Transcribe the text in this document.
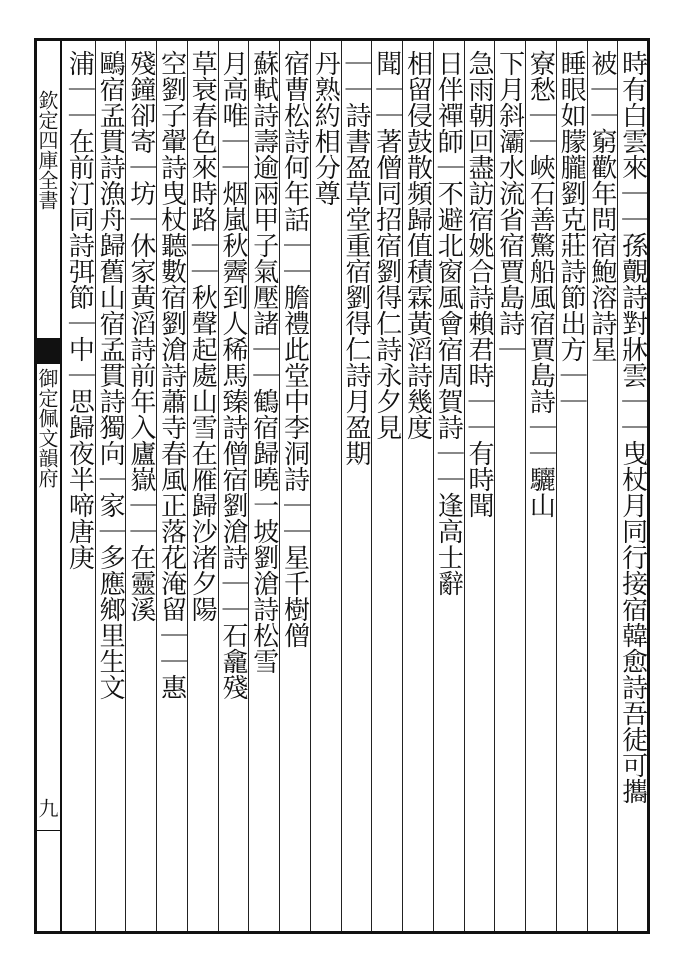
欽定四庫全書
御定佩文韻府
九
時有白雲來｜｜孫覿詩對牀雲｜｜曳杖月同行接宿韓愈詩吾徒可攜
被｜｜窮歡年問宿鮑溶詩星
睡眼如朦朧劉克莊詩節出方｜｜
寮愁｜｜峽石善驚船風宿賈島詩｜｜驪山
下月斜灞水流省宿賈島詩｜
急雨朝回盡訪宿姚合詩賴君時｜｜有時聞
日伴禪師｜不避北窗風會宿周賀詩｜｜逢高士辭
相留侵鼓散頻歸值積霖黃滔詩幾度
聞｜｜著僧同招宿劉得仁詩永夕見
｜｜詩書盈草堂重宿劉得仁詩月盈期
丹熟約相分尊
宿曹松詩何年話｜｜膽禮此堂中李洞詩｜｜星千樹僧
蘇軾詩壽逾兩甲子氣壓諸｜｜鶴宿歸曉一坡劉滄詩松雪
月高唯｜｜烟嵐秋霽到人稀馬臻詩僧宿劉滄詩｜｜石龕殘
草衰春色來時路｜｜秋聲起處山雪在雁歸沙渚夕陽
空劉子翬詩曳杖聽數宿劉滄詩蕭寺春風正落花淹留｜｜惠
殘鐘卻寄｜坊｜休家黃滔詩前年入廬嶽｜｜在靈溪
鷗宿孟貫詩漁舟歸舊山宿孟貫詩獨向｜家｜多應鄉里生文
浦｜｜在前汀同詩弭節｜中｜思歸夜半啼唐庚
